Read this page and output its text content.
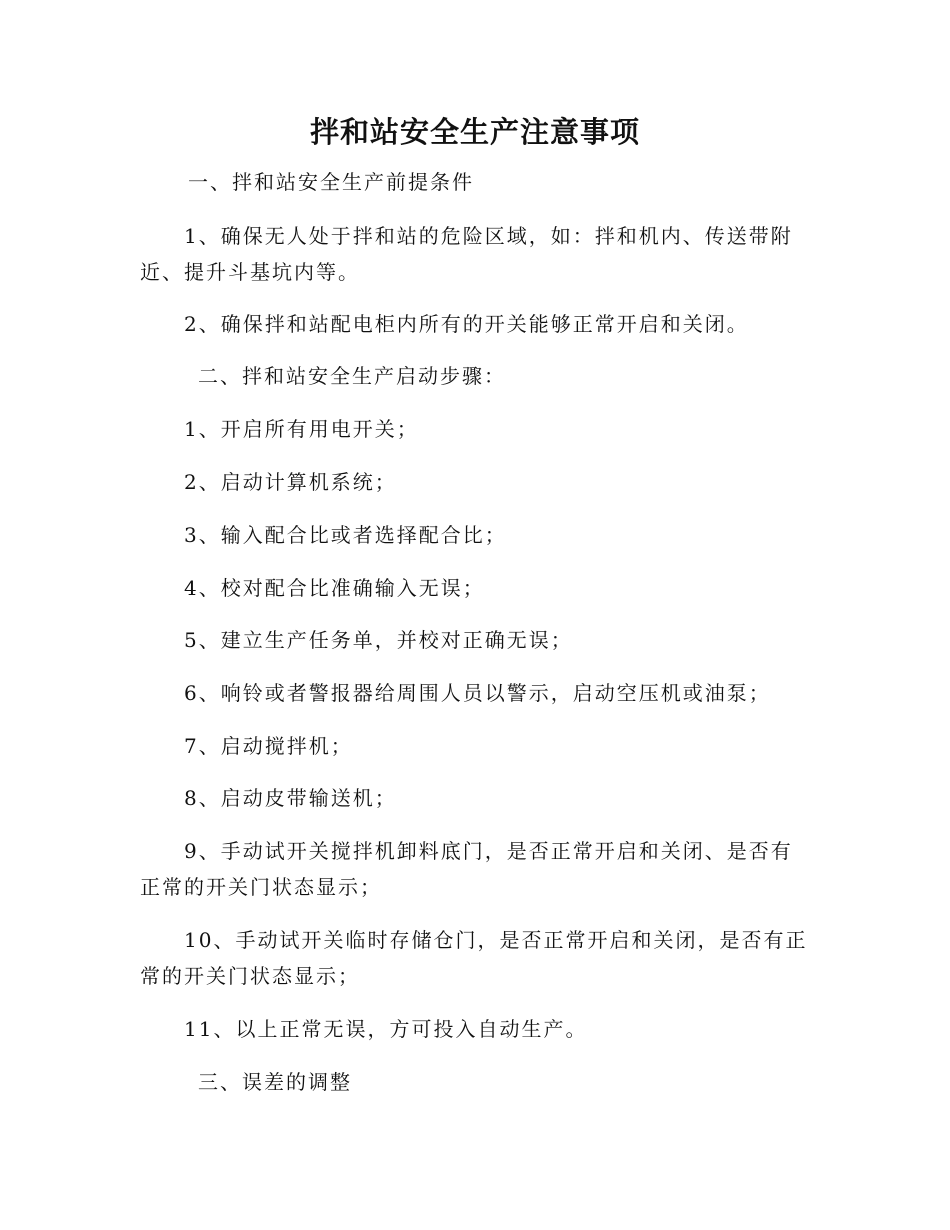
拌和站安全生产注意事项

一、拌和站安全生产前提条件

1、确保无人处于拌和站的危险区域，如：拌和机内、传送带附近、提升斗基坑内等。

2、确保拌和站配电柜内所有的开关能够正常开启和关闭。

二、拌和站安全生产启动步骤：

1、开启所有用电开关；

2、启动计算机系统；

3、输入配合比或者选择配合比；

4、校对配合比准确输入无误；

5、建立生产任务单，并校对正确无误；

6、响铃或者警报器给周围人员以警示，启动空压机或油泵；

7、启动搅拌机；

8、启动皮带输送机；

9、手动试开关搅拌机卸料底门，是否正常开启和关闭、是否有正常的开关门状态显示；

10、手动试开关临时存储仓门，是否正常开启和关闭，是否有正常的开关门状态显示；

11、以上正常无误，方可投入自动生产。

三、误差的调整
